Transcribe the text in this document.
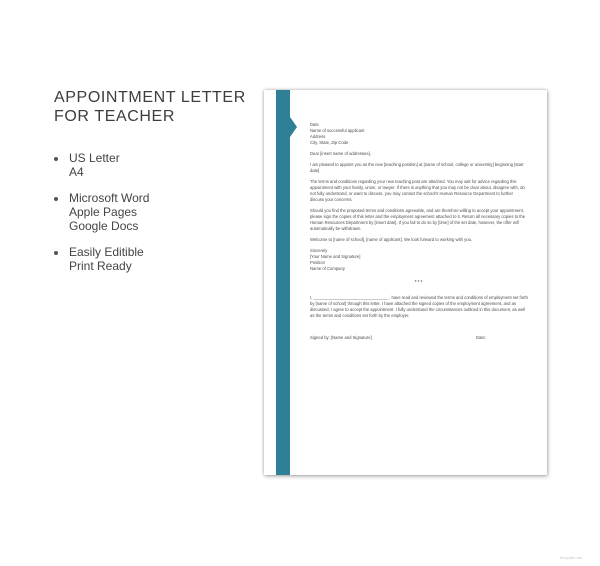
APPOINTMENT LETTER
FOR TEACHER
US Letter
A4
Microsoft Word
Apple Pages
Google Docs
Easily Editible
Print Ready
Date
Name of successful applicant
Address
City, State, Zip Code

Dear [insert name of addressee],

I am pleased to appoint you as the new [teaching position] at [name of school, college or university] beginning [start date].

The terms and conditions regarding your new teaching post are attached. You may ask for advice regarding this appointment with your family, union, or lawyer. If there is anything that you may not be clear about, disagree with, do not fully understand, or want to discuss, you may contact the school's Human Resource Department to further discuss your concerns.

Should you find the proposed terms and conditions agreeable, and are therefore willing to accept your appointment, please sign the copies of this letter and the employment agreement attached to it. Return all necessary copies to the Human Resources Department by [insert date]. If you fail to do so by [time] of the set date, however, the offer will automatically be withdrawn.

Welcome to [name of school], [name of applicant]. We look forward to working with you.

Sincerely
[Your Name and Signature]
Position
Name of Company
***

I, ________________________________ , have read and reviewed the terms and conditions of employment set forth by [name of school] through this letter. I have attached the signed copies of the employment agreement, and as discussed, I agree to accept the appointment. I fully understand the circumstances outlined in this document, as well as the terms and conditions set forth by the employer.

Signed by: [Name and Signature]	Date:
template.net
